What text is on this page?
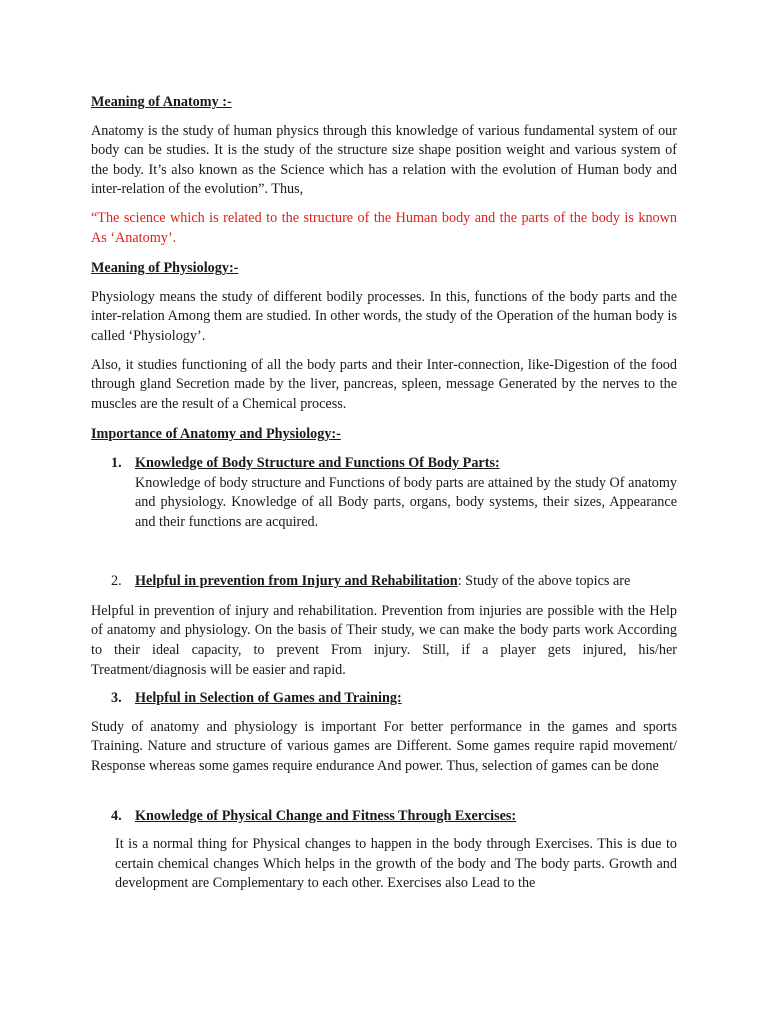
Meaning of Anatomy :-

Anatomy is the study of human physics through this knowledge of various fundamental system of our body can be studies. It is the study of the structure size shape position weight and various system of the body. It’s also known as the Science which has a relation with the evolution of Human body and inter-relation of the evolution”. Thus,

“The science which is related to the structure of the Human body and the parts of the body is known As ‘Anatomy’.

Meaning of Physiology:-

Physiology means the study of different bodily processes. In this, functions of the body parts and the inter-relation Among them are studied. In other words, the study of the Operation of the human body is called ‘Physiology’.

Also, it studies functioning of all the body parts and their Inter-connection, like-Digestion of the food through gland Secretion made by the liver, pancreas, spleen, message Generated by the nerves to the muscles are the result of a Chemical process.

Importance of Anatomy and Physiology:-

1. Knowledge of Body Structure and Functions Of Body Parts:

Knowledge of body structure and Functions of body parts are attained by the study Of anatomy and physiology. Knowledge of all Body parts, organs, body systems, their sizes, Appearance and their functions are acquired.

2. Helpful in prevention from Injury and Rehabilitation: Study of the above topics are

Helpful in prevention of injury and rehabilitation. Prevention from injuries are possible with the Help of anatomy and physiology. On the basis of Their study, we can make the body parts work According to their ideal capacity, to prevent From injury. Still, if a player gets injured, his/her Treatment/diagnosis will be easier and rapid.

3. Helpful in Selection of Games and Training:

Study of anatomy and physiology is important For better performance in the games and sports Training. Nature and structure of various games are Different. Some games require rapid movement/ Response whereas some games require endurance And power. Thus, selection of games can be done

4. Knowledge of Physical Change and Fitness Through Exercises:

It is a normal thing for Physical changes to happen in the body through Exercises. This is due to certain chemical changes Which helps in the growth of the body and The body parts. Growth and development are Complementary to each other. Exercises also Lead to the
